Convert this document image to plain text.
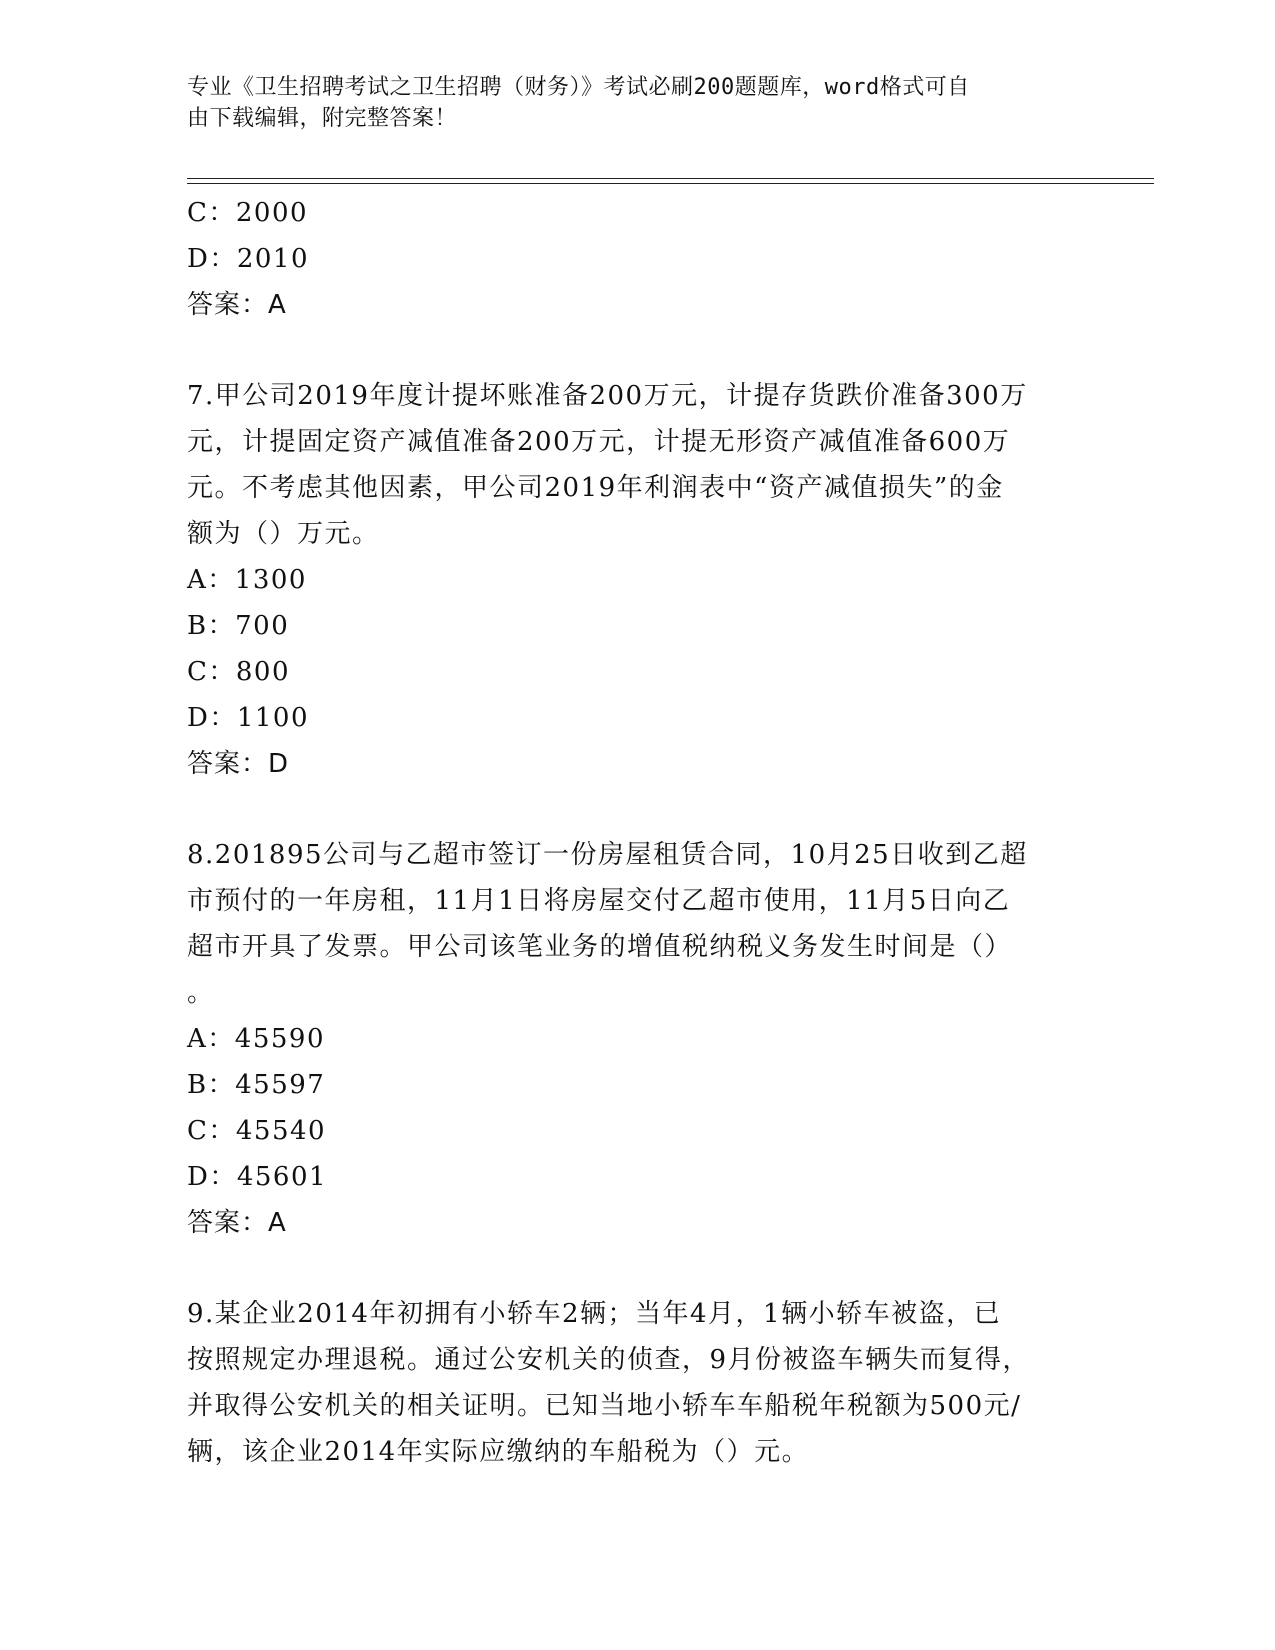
专业《卫生招聘考试之卫生招聘（财务）》考试必刷200题题库，word格式可自
由下载编辑，附完整答案！
C：2000
D：2010
答案：A
7.甲公司2019年度计提坏账准备200万元，计提存货跌价准备300万
元，计提固定资产减值准备200万元，计提无形资产减值准备600万
元。不考虑其他因素，甲公司2019年利润表中“资产减值损失”的金
额为（）万元。
A：1300
B：700
C：800
D：1100
答案：D
8.201895公司与乙超市签订一份房屋租赁合同，10月25日收到乙超
市预付的一年房租，11月1日将房屋交付乙超市使用，11月5日向乙
超市开具了发票。甲公司该笔业务的增值税纳税义务发生时间是（）
。
A：45590
B：45597
C：45540
D：45601
答案：A
9.某企业2014年初拥有小轿车2辆；当年4月，1辆小轿车被盗，已
按照规定办理退税。通过公安机关的侦查，9月份被盗车辆失而复得，
并取得公安机关的相关证明。已知当地小轿车车船税年税额为500元/
辆，该企业2014年实际应缴纳的车船税为（）元。
